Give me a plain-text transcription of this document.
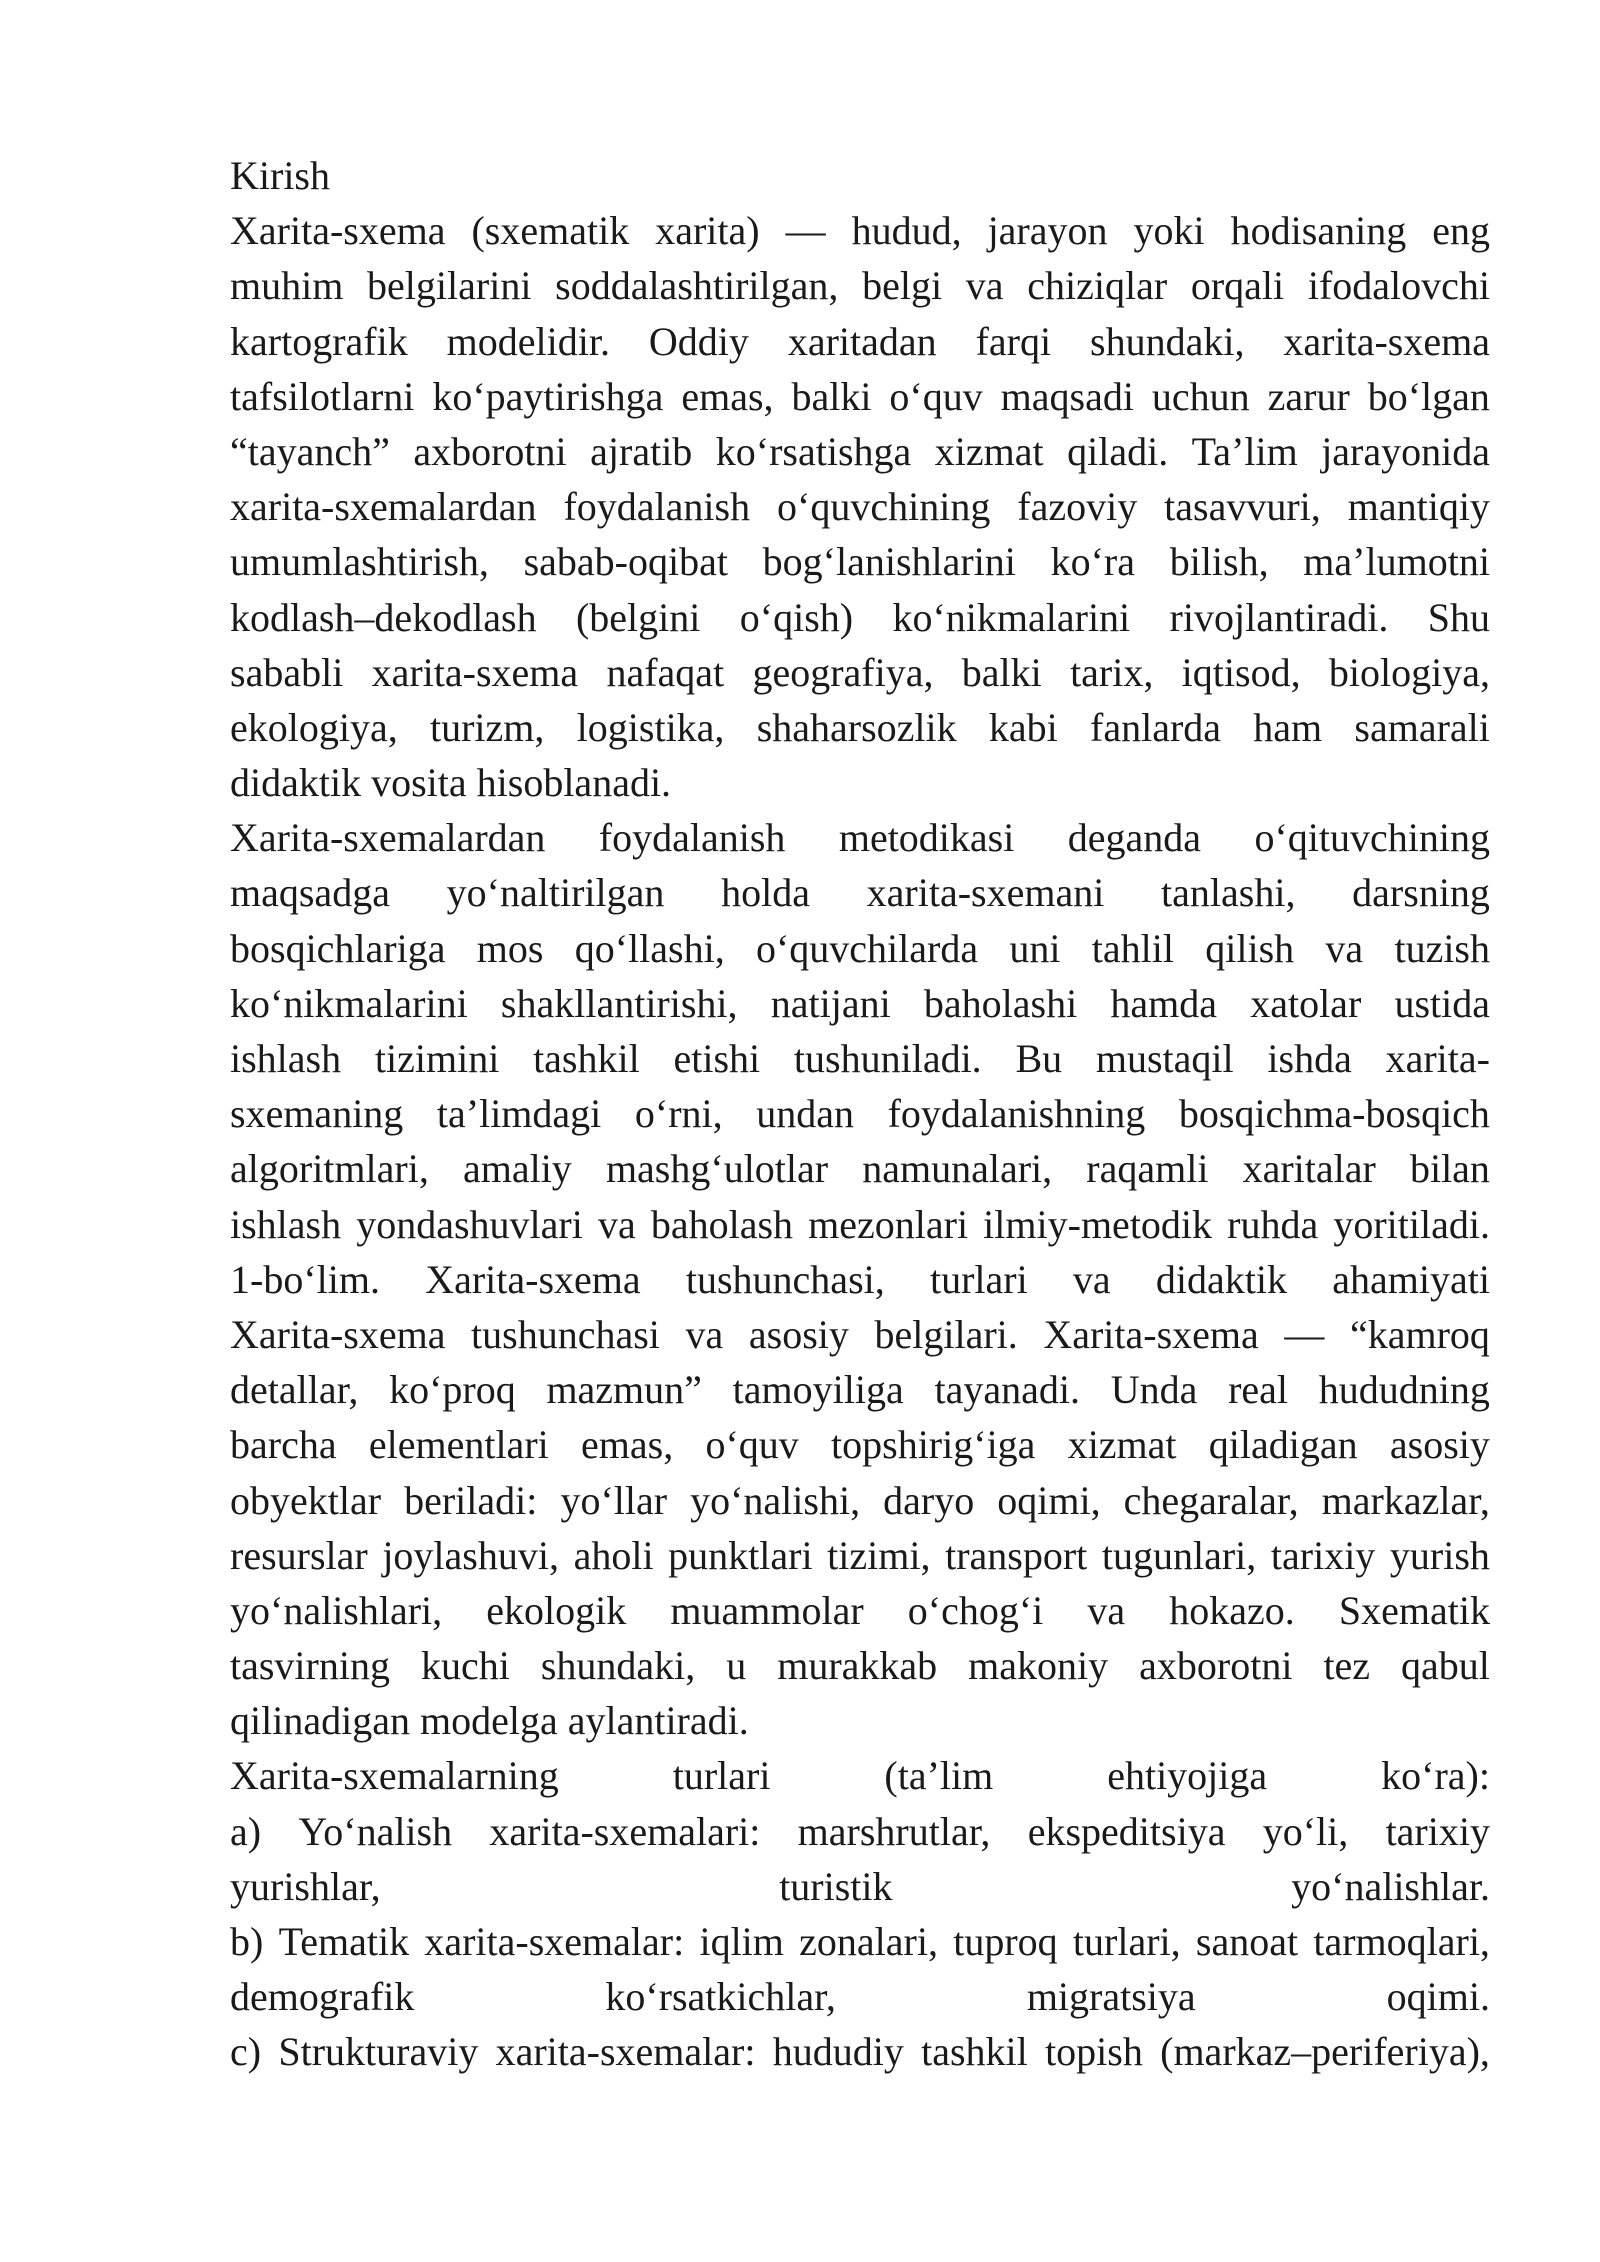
Kirish
Xarita-sxema (sxematik xarita) — hudud, jarayon yoki hodisaning eng
muhim belgilarini soddalashtirilgan, belgi va chiziqlar orqali ifodalovchi
kartografik modelidir. Oddiy xaritadan farqi shundaki, xarita-sxema
tafsilotlarni koʻpaytirishga emas, balki oʻquv maqsadi uchun zarur boʻlgan
“tayanch” axborotni ajratib koʻrsatishga xizmat qiladi. Ta’lim jarayonida
xarita-sxemalardan foydalanish oʻquvchining fazoviy tasavvuri, mantiqiy
umumlashtirish, sabab-oqibat bogʻlanishlarini koʻra bilish, ma’lumotni
kodlash–dekodlash (belgini oʻqish) koʻnikmalarini rivojlantiradi. Shu
sababli xarita-sxema nafaqat geografiya, balki tarix, iqtisod, biologiya,
ekologiya, turizm, logistika, shaharsozlik kabi fanlarda ham samarali
didaktik vosita hisoblanadi.
Xarita-sxemalardan foydalanish metodikasi deganda oʻqituvchining
maqsadga yoʻnaltirilgan holda xarita-sxemani tanlashi, darsning
bosqichlariga mos qoʻllashi, oʻquvchilarda uni tahlil qilish va tuzish
koʻnikmalarini shakllantirishi, natijani baholashi hamda xatolar ustida
ishlash tizimini tashkil etishi tushuniladi. Bu mustaqil ishda xarita-
sxemaning ta’limdagi oʻrni, undan foydalanishning bosqichma-bosqich
algoritmlari, amaliy mashgʻulotlar namunalari, raqamli xaritalar bilan
ishlash yondashuvlari va baholash mezonlari ilmiy-metodik ruhda yoritiladi.
1-boʻlim. Xarita-sxema tushunchasi, turlari va didaktik ahamiyati
Xarita-sxema tushunchasi va asosiy belgilari. Xarita-sxema — “kamroq
detallar, koʻproq mazmun” tamoyiliga tayanadi. Unda real hududning
barcha elementlari emas, oʻquv topshirigʻiga xizmat qiladigan asosiy
obyektlar beriladi: yoʻllar yoʻnalishi, daryo oqimi, chegaralar, markazlar,
resurslar joylashuvi, aholi punktlari tizimi, transport tugunlari, tarixiy yurish
yoʻnalishlari, ekologik muammolar oʻchogʻi va hokazo. Sxematik
tasvirning kuchi shundaki, u murakkab makoniy axborotni tez qabul
qilinadigan modelga aylantiradi.
Xarita-sxemalarning	turlari	(ta’lim	ehtiyojiga	koʻra):
a) Yoʻnalish xarita-sxemalari: marshrutlar, ekspeditsiya yoʻli, tarixiy
yurishlar,	turistik	yoʻnalishlar.
b) Tematik xarita-sxemalar: iqlim zonalari, tuproq turlari, sanoat tarmoqlari,
demografik	koʻrsatkichlar,	migratsiya	oqimi.
c) Strukturaviy xarita-sxemalar: hududiy tashkil topish (markaz–periferiya),
